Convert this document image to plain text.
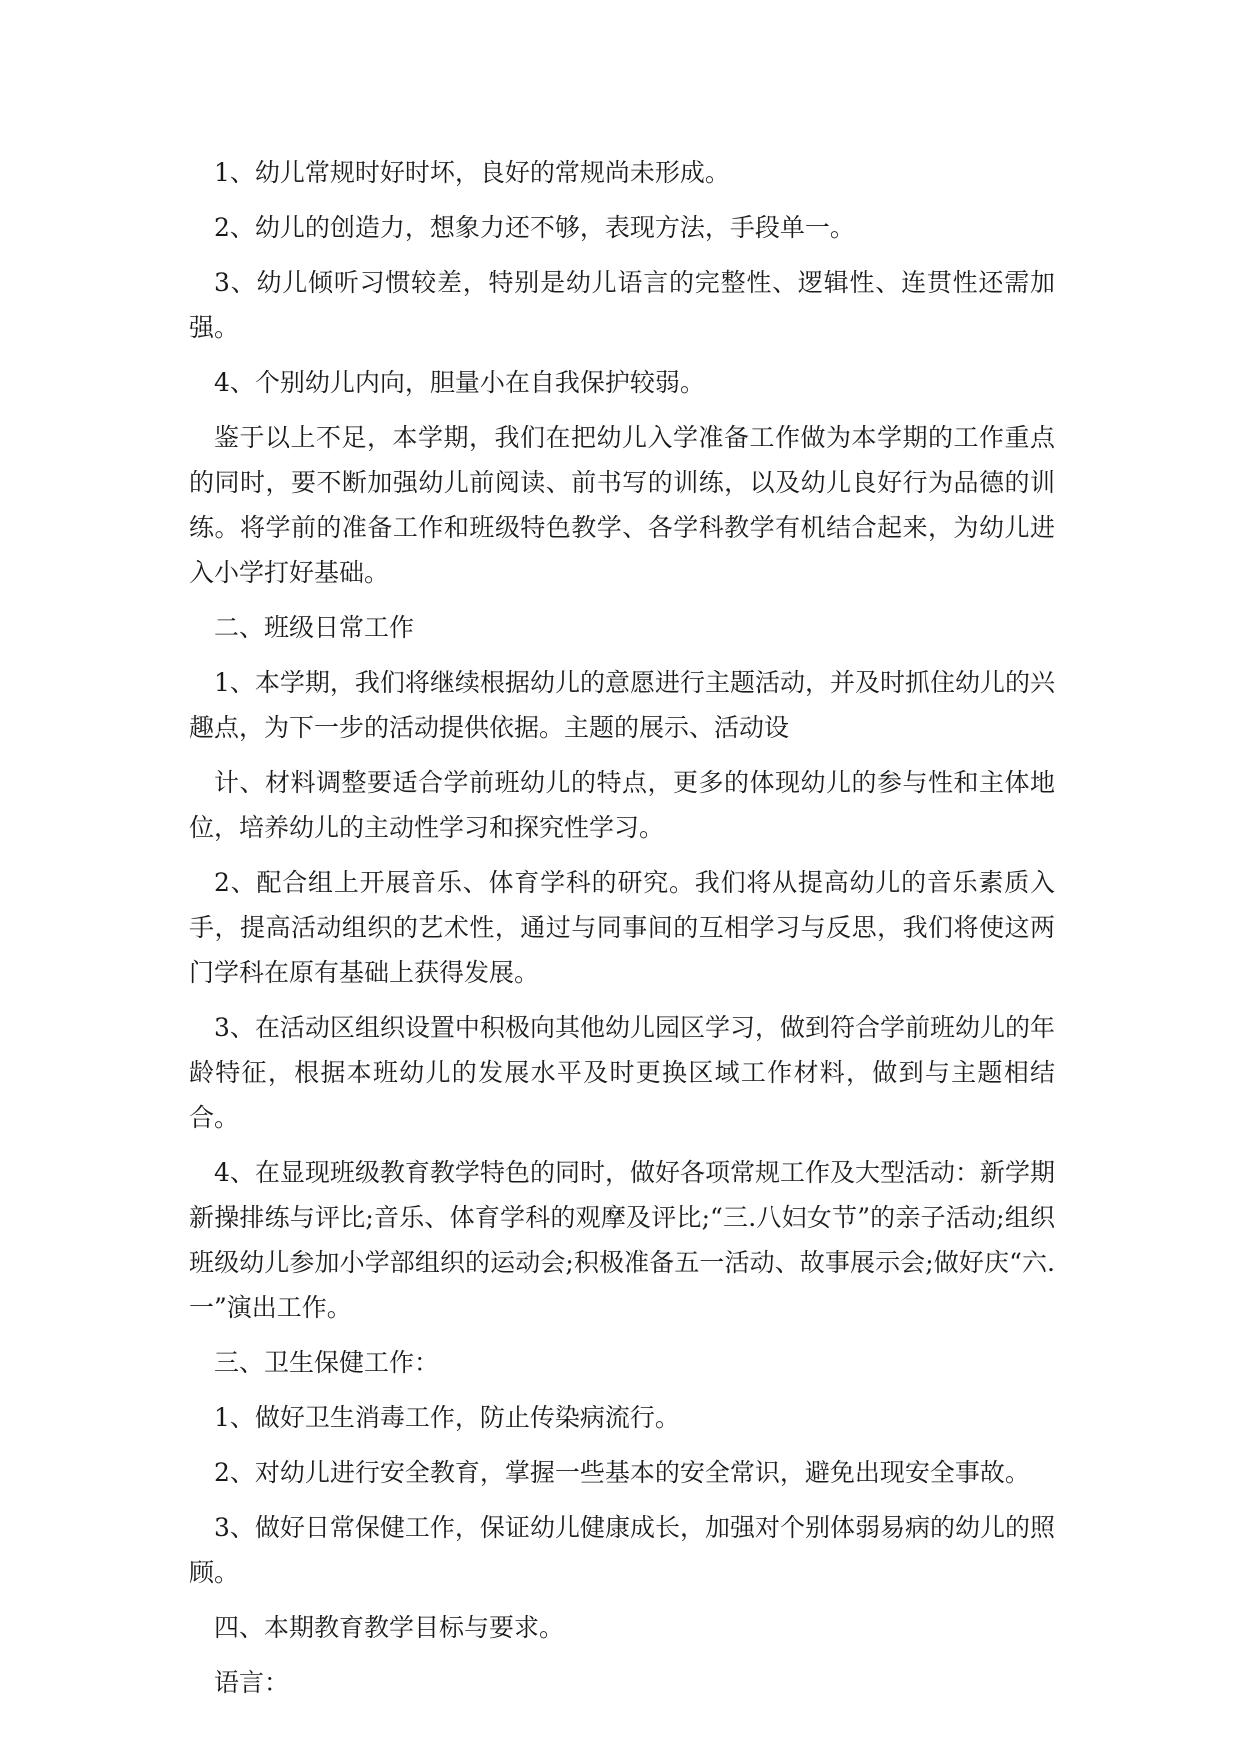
1、幼儿常规时好时坏，良好的常规尚未形成。

2、幼儿的创造力，想象力还不够，表现方法，手段单一。

3、幼儿倾听习惯较差，特别是幼儿语言的完整性、逻辑性、连贯性还需加强。

4、个别幼儿内向，胆量小在自我保护较弱。

鉴于以上不足，本学期，我们在把幼儿入学准备工作做为本学期的工作重点的同时，要不断加强幼儿前阅读、前书写的训练，以及幼儿良好行为品德的训练。将学前的准备工作和班级特色教学、各学科教学有机结合起来，为幼儿进入小学打好基础。

二、班级日常工作

1、本学期，我们将继续根据幼儿的意愿进行主题活动，并及时抓住幼儿的兴趣点，为下一步的活动提供依据。主题的展示、活动设

计、材料调整要适合学前班幼儿的特点，更多的体现幼儿的参与性和主体地位，培养幼儿的主动性学习和探究性学习。

2、配合组上开展音乐、体育学科的研究。我们将从提高幼儿的音乐素质入手，提高活动组织的艺术性，通过与同事间的互相学习与反思，我们将使这两门学科在原有基础上获得发展。

3、在活动区组织设置中积极向其他幼儿园区学习，做到符合学前班幼儿的年龄特征，根据本班幼儿的发展水平及时更换区域工作材料，做到与主题相结合。

4、在显现班级教育教学特色的同时，做好各项常规工作及大型活动：新学期新操排练与评比;音乐、体育学科的观摩及评比;“三.八妇女节”的亲子活动;组织班级幼儿参加小学部组织的运动会;积极准备五一活动、故事展示会;做好庆“六.一”演出工作。

三、卫生保健工作：

1、做好卫生消毒工作，防止传染病流行。

2、对幼儿进行安全教育，掌握一些基本的安全常识，避免出现安全事故。

3、做好日常保健工作，保证幼儿健康成长，加强对个别体弱易病的幼儿的照顾。

四、本期教育教学目标与要求。

语言：
